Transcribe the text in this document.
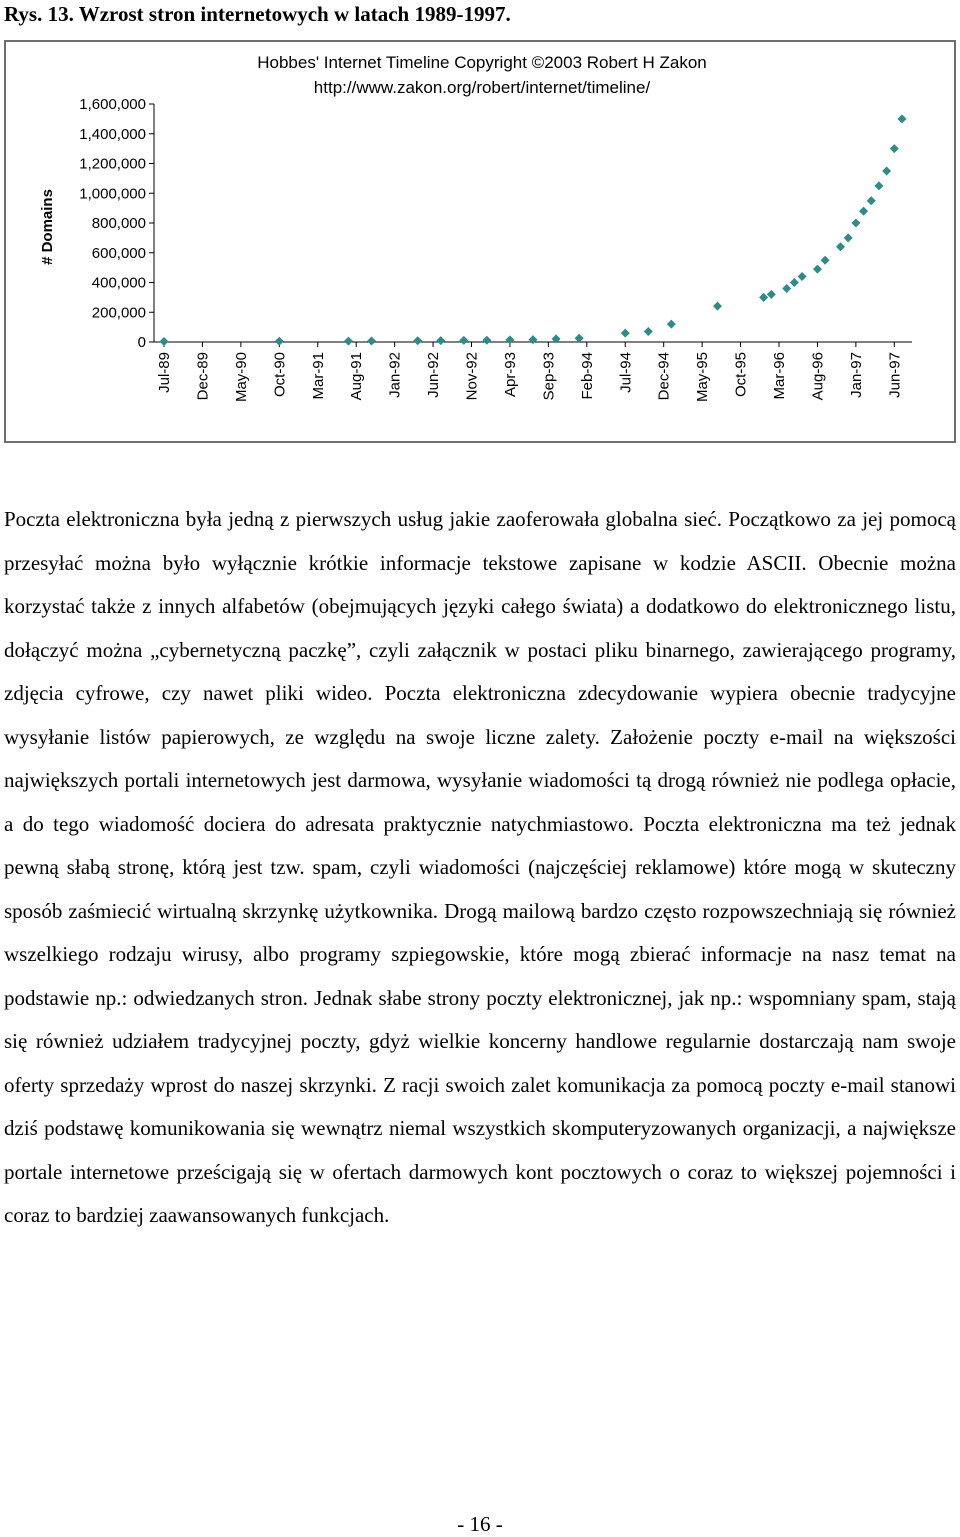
Rys. 13. Wzrost stron internetowych w latach 1989-1997.
Hobbes' Internet Timeline Copyright ©2003 Robert H Zakon
http://www.zakon.org/robert/internet/timeline/
# Domains
0
200,000
400,000
600,000
800,000
1,000,000
1,200,000
1,400,000
1,600,000
Jul-89 Dec-89 May-90 Oct-90 Mar-91 Aug-91 Jan-92 Jun-92 Nov-92 Apr-93 Sep-93 Feb-94 Jul-94 Dec-94 May-95 Oct-95 Mar-96 Aug-96 Jan-97 Jun-97

Poczta elektroniczna była jedną z pierwszych usług jakie zaoferowała globalna sieć. Początkowo za jej pomocą przesyłać można było wyłącznie krótkie informacje tekstowe zapisane w kodzie ASCII. Obecnie można korzystać także z innych alfabetów (obejmujących języki całego świata) a dodatkowo do elektronicznego listu, dołączyć można „cybernetyczną paczkę”, czyli załącznik w postaci pliku binarnego, zawierającego programy, zdjęcia cyfrowe, czy nawet pliki wideo. Poczta elektroniczna zdecydowanie wypiera obecnie tradycyjne wysyłanie listów papierowych, ze względu na swoje liczne zalety. Założenie poczty e-mail na większości największych portali internetowych jest darmowa, wysyłanie wiadomości tą drogą również nie podlega opłacie, a do tego wiadomość dociera do adresata praktycznie natychmiastowo. Poczta elektroniczna ma też jednak pewną słabą stronę, którą jest tzw. spam, czyli wiadomości (najczęściej reklamowe) które mogą w skuteczny sposób zaśmiecić wirtualną skrzynkę użytkownika. Drogą mailową bardzo często rozpowszechniają się również wszelkiego rodzaju wirusy, albo programy szpiegowskie, które mogą zbierać informacje na nasz temat na podstawie np.: odwiedzanych stron. Jednak słabe strony poczty elektronicznej, jak np.: wspomniany spam, stają się również udziałem tradycyjnej poczty, gdyż wielkie koncerny handlowe regularnie dostarczają nam swoje oferty sprzedaży wprost do naszej skrzynki. Z racji swoich zalet komunikacja za pomocą poczty e-mail stanowi dziś podstawę komunikowania się wewnątrz niemal wszystkich skomputeryzowanych organizacji, a największe portale internetowe prześcigają się w ofertach darmowych kont pocztowych o coraz to większej pojemności i coraz to bardziej zaawansowanych funkcjach.

- 16 -
